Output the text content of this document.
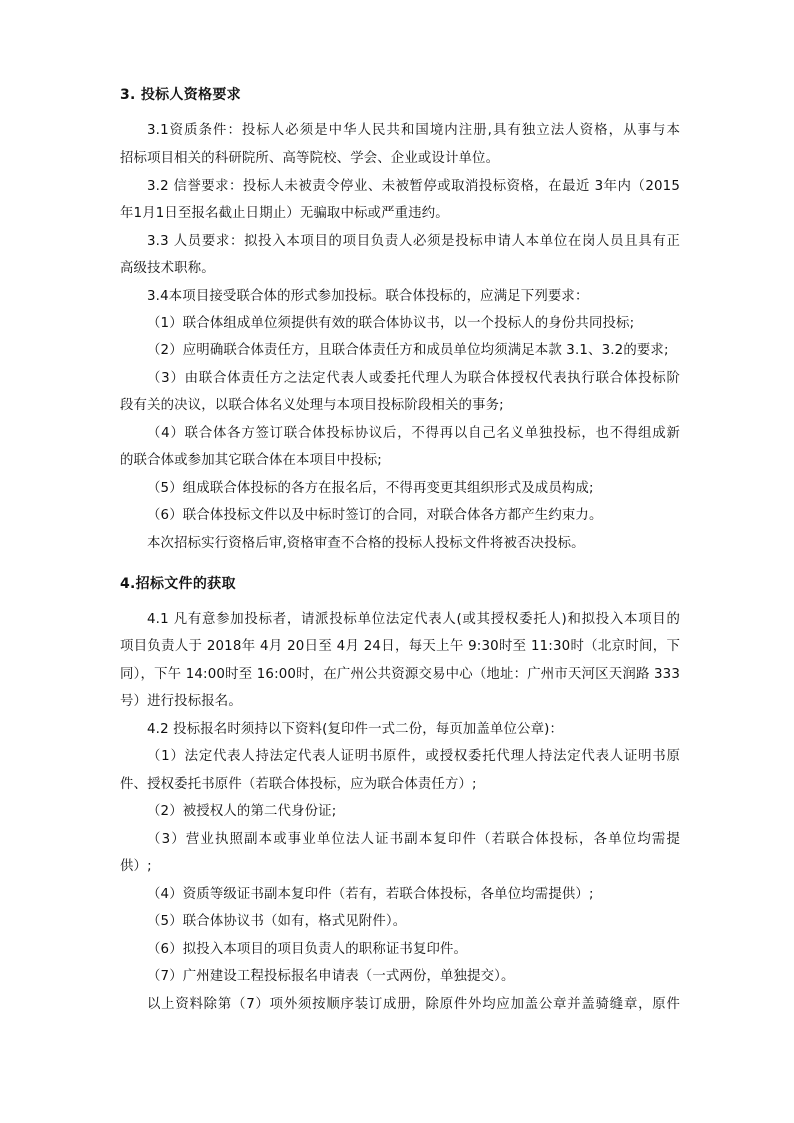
3. 投标人资格要求
3.1资质条件：投标人必须是中华人民共和国境内注册,具有独立法人资格，从事与本
招标项目相关的科研院所、高等院校、学会、企业或设计单位。
3.2 信誉要求：投标人未被责令停业、未被暂停或取消投标资格，在最近 3年内（2015
年1月1日至报名截止日期止）无骗取中标或严重违约。
3.3 人员要求：拟投入本项目的项目负责人必须是投标申请人本单位在岗人员且具有正
高级技术职称。
3.4本项目接受联合体的形式参加投标。联合体投标的，应满足下列要求：
（1）联合体组成单位须提供有效的联合体协议书，以一个投标人的身份共同投标;
（2）应明确联合体责任方，且联合体责任方和成员单位均须满足本款 3.1、3.2的要求;
（3）由联合体责任方之法定代表人或委托代理人为联合体授权代表执行联合体投标阶
段有关的决议，以联合体名义处理与本项目投标阶段相关的事务;
（4）联合体各方签订联合体投标协议后，不得再以自己名义单独投标，也不得组成新
的联合体或参加其它联合体在本项目中投标;
（5）组成联合体投标的各方在报名后，不得再变更其组织形式及成员构成;
（6）联合体投标文件以及中标时签订的合同，对联合体各方都产生约束力。
本次招标实行资格后审,资格审查不合格的投标人投标文件将被否决投标。
4.招标文件的获取
4.1 凡有意参加投标者，请派投标单位法定代表人(或其授权委托人)和拟投入本项目的
项目负责人于 2018年 4月 20日至 4月 24日，每天上午 9:30时至 11:30时（北京时间，下
同），下午 14:00时至 16:00时，在广州公共资源交易中心（地址：广州市天河区天润路 333
号）进行投标报名。
4.2 投标报名时须持以下资料(复印件一式二份，每页加盖单位公章)：
（1）法定代表人持法定代表人证明书原件，或授权委托代理人持法定代表人证明书原
件、授权委托书原件（若联合体投标，应为联合体责任方）;
（2）被授权人的第二代身份证;
（3）营业执照副本或事业单位法人证书副本复印件（若联合体投标，各单位均需提
供）;
（4）资质等级证书副本复印件（若有，若联合体投标，各单位均需提供）;
（5）联合体协议书（如有，格式见附件）。
（6）拟投入本项目的项目负责人的职称证书复印件。
（7）广州建设工程投标报名申请表（一式两份，单独提交）。
以上资料除第（7）项外须按顺序装订成册，除原件外均应加盖公章并盖骑缝章，原件
